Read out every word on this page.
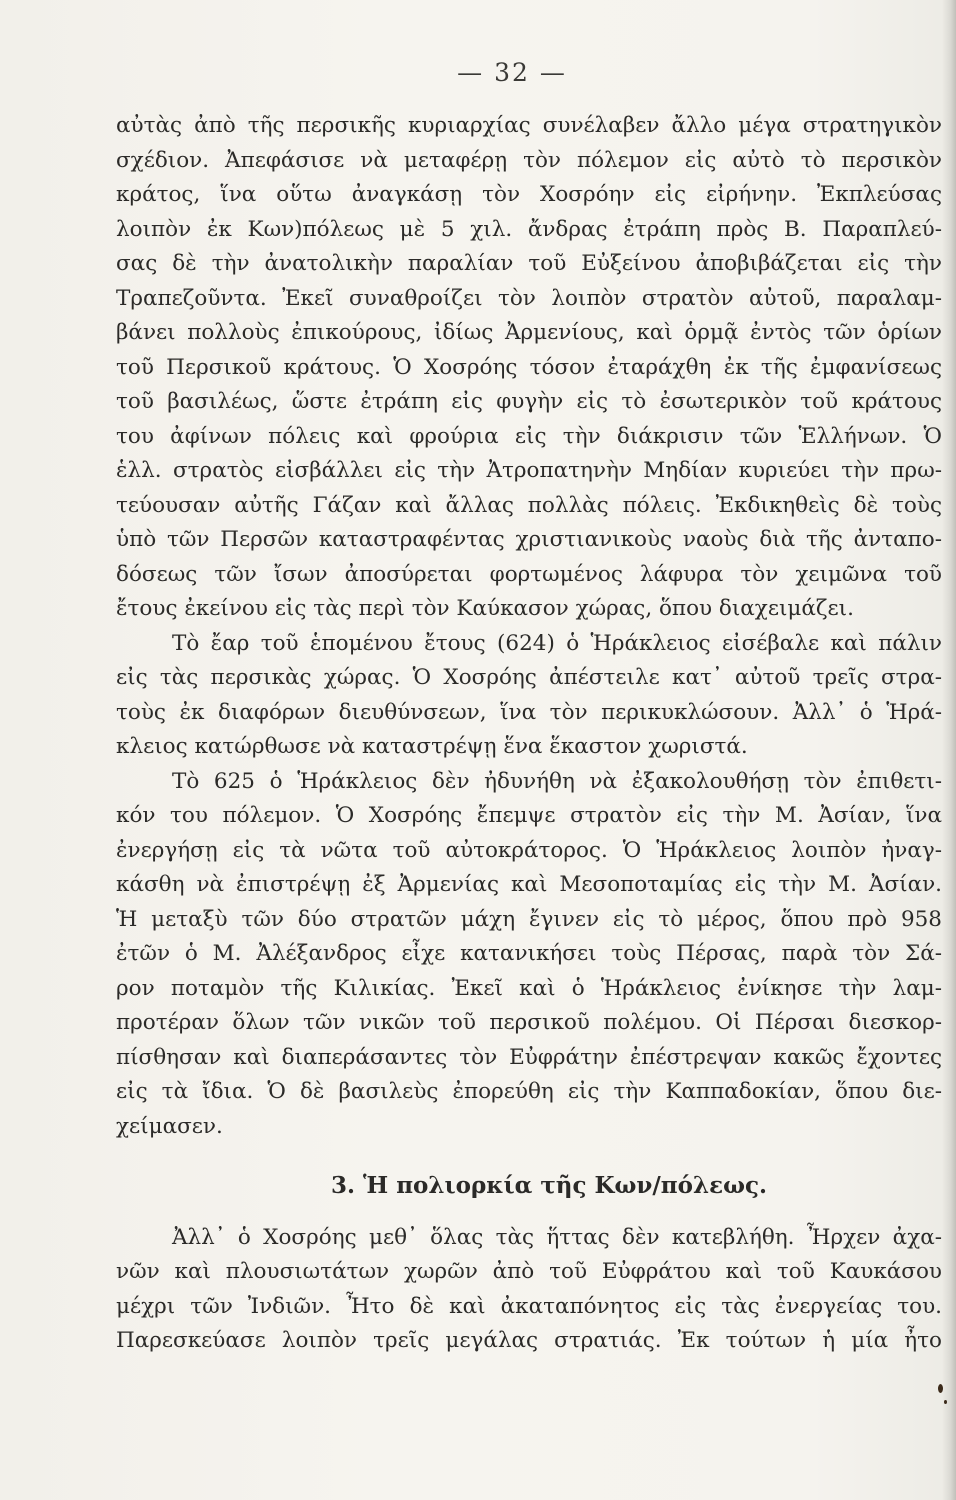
— 32 —
αὐτὰς ἀπὸ τῆς περσικῆς κυριαρχίας συνέλαβεν ἄλλο μέγα στρατηγικὸν
σχέδιον. Ἀπεφάσισε νὰ μεταφέρῃ τὸν πόλεμον εἰς αὐτὸ τὸ περσικὸν
κράτος, ἵνα οὕτω ἀναγκάσῃ τὸν Χοσρόην εἰς εἰρήνην. Ἐκπλεύσας
λοιπὸν ἐκ Κων)πόλεως μὲ 5 χιλ. ἄνδρας ἐτράπη πρὸς Β. Παραπλεύ-
σας δὲ τὴν ἀνατολικὴν παραλίαν τοῦ Εὐξείνου ἀποβιβάζεται εἰς τὴν
Τραπεζοῦντα. Ἐκεῖ συναθροίζει τὸν λοιπὸν στρατὸν αὐτοῦ, παραλαμ-
βάνει πολλοὺς ἐπικούρους, ἰδίως Ἀρμενίους, καὶ ὁρμᾷ ἐντὸς τῶν ὁρίων
τοῦ Περσικοῦ κράτους. Ὁ Χοσρόης τόσον ἐταράχθη ἐκ τῆς ἐμφανίσεως
τοῦ βασιλέως, ὥστε ἐτράπη εἰς φυγὴν εἰς τὸ ἐσωτερικὸν τοῦ κράτους
του ἀφίνων πόλεις καὶ φρούρια εἰς τὴν διάκρισιν τῶν Ἑλλήνων. Ὁ
ἑλλ. στρατὸς εἰσβάλλει εἰς τὴν Ἀτροπατηνὴν Μηδίαν κυριεύει τὴν πρω-
τεύουσαν αὐτῆς Γάζαν καὶ ἄλλας πολλὰς πόλεις. Ἐκδικηθεὶς δὲ τοὺς
ὑπὸ τῶν Περσῶν καταστραφέντας χριστιανικοὺς ναοὺς διὰ τῆς ἀνταπο-
δόσεως τῶν ἴσων ἀποσύρεται φορτωμένος λάφυρα τὸν χειμῶνα τοῦ
ἔτους ἐκείνου εἰς τὰς περὶ τὸν Καύκασον χώρας, ὅπου διαχειμάζει.
Τὸ ἔαρ τοῦ ἑπομένου ἔτους (624) ὁ Ἡράκλειος εἰσέβαλε καὶ πάλιν
εἰς τὰς περσικὰς χώρας. Ὁ Χοσρόης ἀπέστειλε κατ᾿ αὐτοῦ τρεῖς στρα-
τοὺς ἐκ διαφόρων διευθύνσεων, ἵνα τὸν περικυκλώσουν. Ἀλλ᾿ ὁ Ἡρά-
κλειος κατώρθωσε νὰ καταστρέψῃ ἕνα ἕκαστον χωριστά.
Τὸ 625 ὁ Ἡράκλειος δὲν ἠδυνήθη νὰ ἐξακολουθήσῃ τὸν ἐπιθετι-
κόν του πόλεμον. Ὁ Χοσρόης ἔπεμψε στρατὸν εἰς τὴν Μ. Ἀσίαν, ἵνα
ἐνεργήσῃ εἰς τὰ νῶτα τοῦ αὐτοκράτορος. Ὁ Ἡράκλειος λοιπὸν ἠναγ-
κάσθη νὰ ἐπιστρέψῃ ἐξ Ἀρμενίας καὶ Μεσοποταμίας εἰς τὴν Μ. Ἀσίαν.
Ἡ μεταξὺ τῶν δύο στρατῶν μάχη ἔγινεν εἰς τὸ μέρος, ὅπου πρὸ 958
ἐτῶν ὁ Μ. Ἀλέξανδρος εἶχε κατανικήσει τοὺς Πέρσας, παρὰ τὸν Σά-
ρον ποταμὸν τῆς Κιλικίας. Ἐκεῖ καὶ ὁ Ἡράκλειος ἐνίκησε τὴν λαμ-
προτέραν ὅλων τῶν νικῶν τοῦ περσικοῦ πολέμου. Οἱ Πέρσαι διεσκορ-
πίσθησαν καὶ διαπεράσαντες τὸν Εὐφράτην ἐπέστρεψαν κακῶς ἔχοντες
εἰς τὰ ἴδια. Ὁ δὲ βασιλεὺς ἐπορεύθη εἰς τὴν Καππαδοκίαν, ὅπου διε-
χείμασεν.
3. Ἡ πολιορκία τῆς Κων/πόλεως.
Ἀλλ᾿ ὁ Χοσρόης μεθ᾿ ὅλας τὰς ἥττας δὲν κατεβλήθη. Ἦρχεν ἀχα-
νῶν καὶ πλουσιωτάτων χωρῶν ἀπὸ τοῦ Εὐφράτου καὶ τοῦ Καυκάσου
μέχρι τῶν Ἰνδιῶν. Ἦτο δὲ καὶ ἀκαταπόνητος εἰς τὰς ἐνεργείας του.
Παρεσκεύασε λοιπὸν τρεῖς μεγάλας στρατιάς. Ἐκ τούτων ἡ μία ἦτο
